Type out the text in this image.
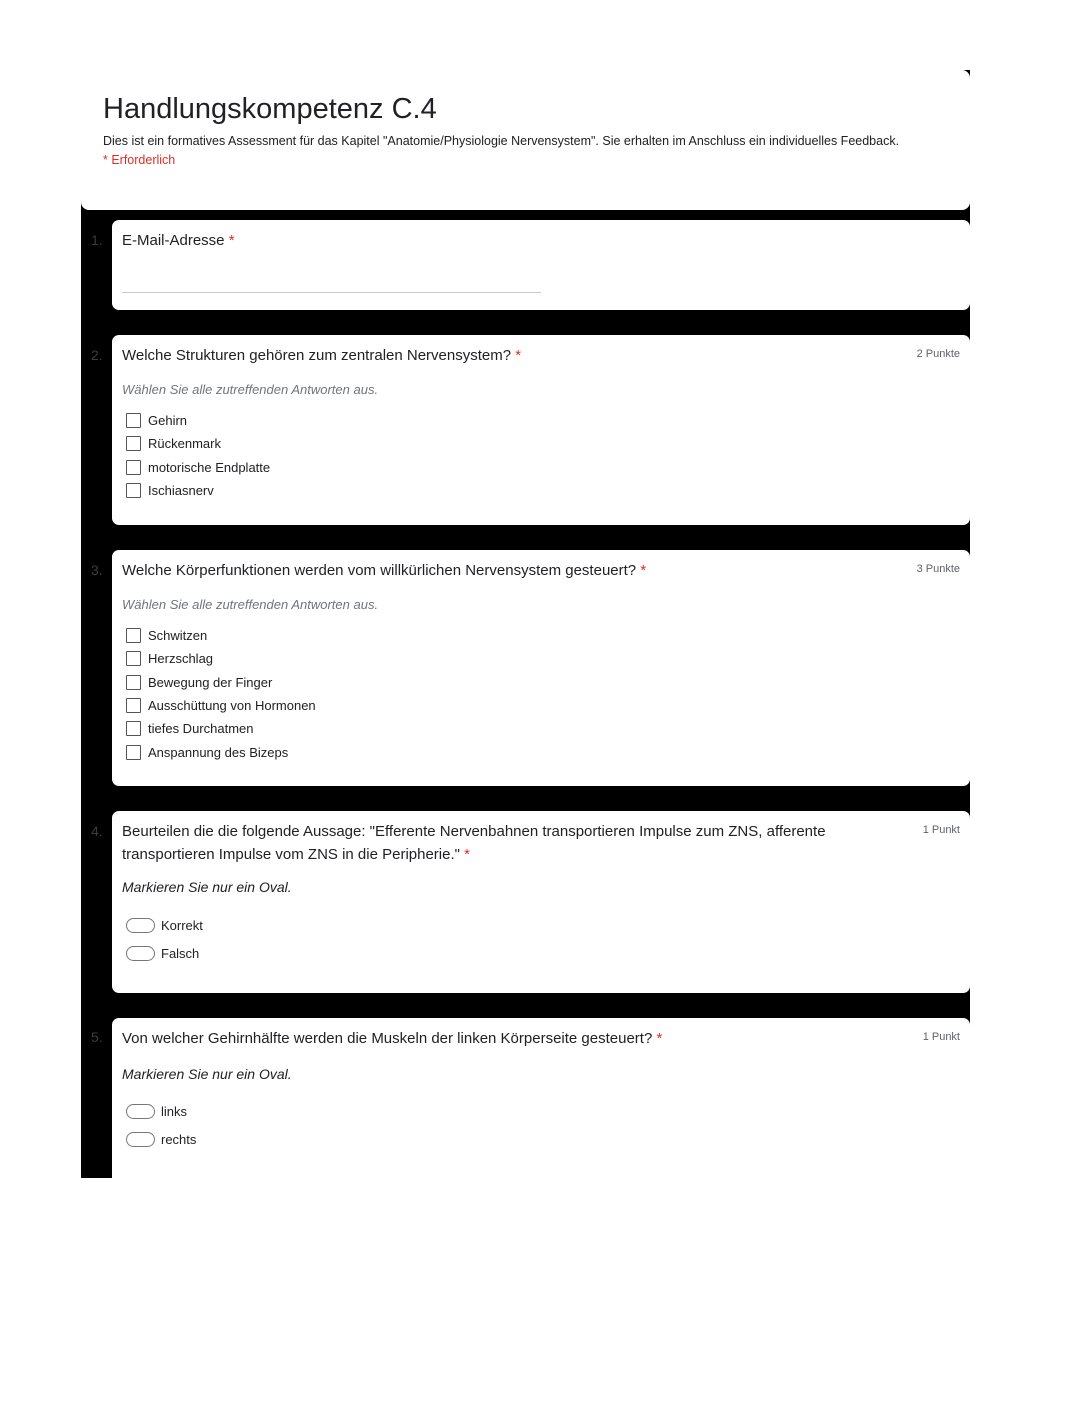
Handlungskompetenz C.4
Dies ist ein formatives Assessment für das Kapitel "Anatomie/Physiologie Nervensystem". Sie erhalten im Anschluss ein individuelles Feedback.
* Erforderlich
1. E-Mail-Adresse *
2. Welche Strukturen gehören zum zentralen Nervensystem? *	2 Punkte
Wählen Sie alle zutreffenden Antworten aus.
Gehirn
Rückenmark
motorische Endplatte
Ischiasnerv
3. Welche Körperfunktionen werden vom willkürlichen Nervensystem gesteuert? *	3 Punkte
Wählen Sie alle zutreffenden Antworten aus.
Schwitzen
Herzschlag
Bewegung der Finger
Ausschüttung von Hormonen
tiefes Durchatmen
Anspannung des Bizeps
4. Beurteilen die die folgende Aussage: "Efferente Nervenbahnen transportieren Impulse zum ZNS, afferente transportieren Impulse vom ZNS in die Peripherie." *
1 Punkt
Markieren Sie nur ein Oval.
Korrekt
Falsch
5. Von welcher Gehirnhälfte werden die Muskeln der linken Körperseite gesteuert? *	1 Punkt
Markieren Sie nur ein Oval.
links
rechts
